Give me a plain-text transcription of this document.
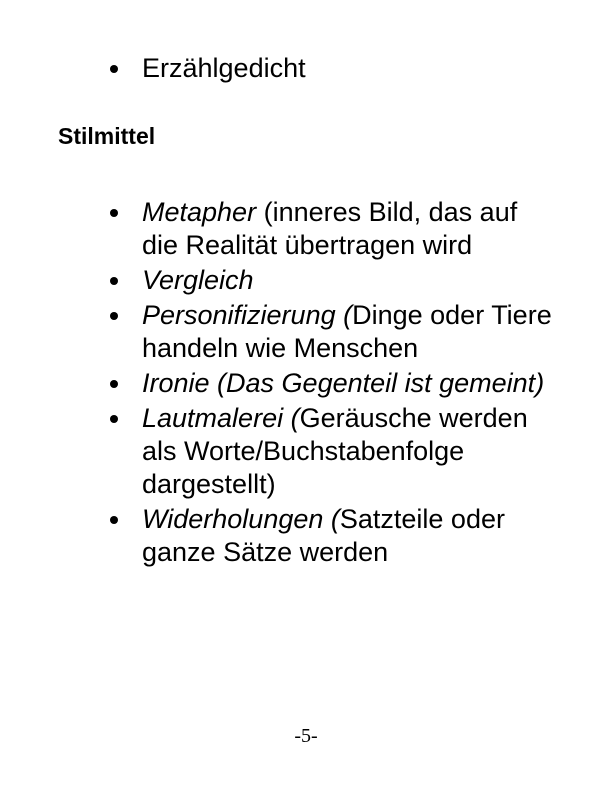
Erzählgedicht
Stilmittel
Metapher (inneres Bild, das auf die Realität übertragen wird
Vergleich
Personifizierung (Dinge oder Tiere handeln wie Menschen
Ironie (Das Gegenteil ist gemeint)
Lautmalerei (Geräusche werden als Worte/Buchstabenfolge dargestellt)
Widerholungen (Satzteile oder ganze Sätze werden
-5-
